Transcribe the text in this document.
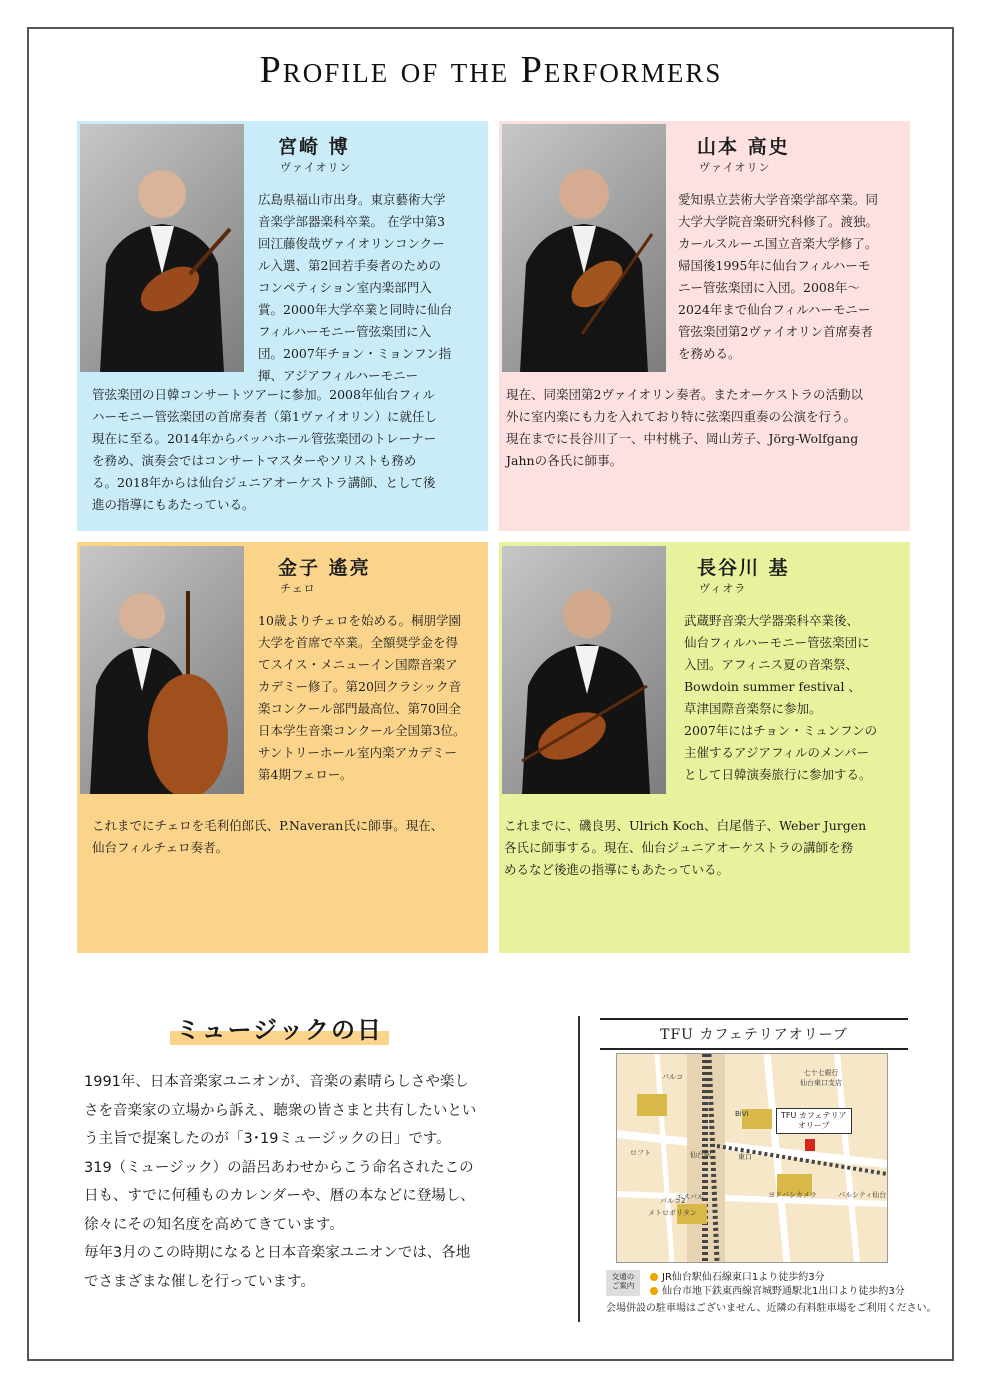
Profile of the Performers
宮崎 博
ヴァイオリン
広島県福山市出身。東京藝術大学
音楽学部器楽科卒業。 在学中第3
回江藤俊哉ヴァイオリンコンクー
ル入選、第2回若手奏者のための
コンペティション室内楽部門入
賞。2000年大学卒業と同時に仙台
フィルハーモニー管弦楽団に入
団。2007年チョン・ミョンフン指
揮、アジアフィルハーモニー
管弦楽団の日韓コンサートツアーに参加。2008年仙台フィル
ハーモニー管弦楽団の首席奏者（第1ヴァイオリン）に就任し
現在に至る。2014年からバッハホール管弦楽団のトレーナー
を務め、演奏会ではコンサートマスターやソリストも務め
る。2018年からは仙台ジュニアオーケストラ講師、として後
進の指導にもあたっている。
山本 高史
ヴァイオリン
愛知県立芸術大学音楽学部卒業。同
大学大学院音楽研究科修了。渡独。
カールスルーエ国立音楽大学修了。
帰国後1995年に仙台フィルハーモ
ニー管弦楽団に入団。2008年〜
2024年まで仙台フィルハーモニー
管弦楽団第2ヴァイオリン首席奏者
を務める。
現在、同楽団第2ヴァイオリン奏者。またオーケストラの活動以
外に室内楽にも力を入れており特に弦楽四重奏の公演を行う。
現在までに長谷川了一、中村桃子、岡山芳子、Jörg-Wolfgang
Jahnの各氏に師事。
金子 遙亮
チェロ
10歳よりチェロを始める。桐朋学園
大学を首席で卒業。全額奨学金を得
てスイス・メニューイン国際音楽ア
カデミー修了。第20回クラシック音
楽コンクール部門最高位、第70回全
日本学生音楽コンクール全国第3位。
サントリーホール室内楽アカデミー
第4期フェロー。
これまでにチェロを毛利伯郎氏、P.Naveran氏に師事。現在、
仙台フィルチェロ奏者。
長谷川 基
ヴィオラ
武蔵野音楽大学器楽科卒業後、
仙台フィルハーモニー管弦楽団に
入団。アフィニス夏の音楽祭、
Bowdoin summer festival 、
草津国際音楽祭に参加。
2007年にはチョン・ミュンフンの
主催するアジアフィルのメンバー
として日韓演奏旅行に参加する。
これまでに、磯良男、Ulrich Koch、白尾偕子、Weber Jurgen
各氏に師事する。現在、仙台ジュニアオーケストラの講師を務
めるなど後進の指導にもあたっている。
ミュージックの日
1991年、日本音楽家ユニオンが、音楽の素晴らしさや楽し
さを音楽家の立場から訴え、聴衆の皆さまと共有したいとい
う主旨で提案したのが「3･19ミュージックの日」です。
319（ミュージック）の語呂あわせからこう命名されたこの
日も、すでに何種ものカレンダーや、暦の本などに登場し、
徐々にその知名度を高めてきています。
毎年3月のこの時期になると日本音楽家ユニオンでは、各地
でさまざまな催しを行っています。
TFU カフェテリアオリーブ
七十七銀行
仙台東口支店
パルコ
BiVi
ロフト	仙台駅	東口
ヨドバシカメラ	パルシティ仙台
パルコ2
エスパル
メトロポリタン
TFU カフェテリア
オリーブ
交通の
ご案内
JR仙台駅仙石線東口1より徒歩約3分
仙台市地下鉄東西線宮城野通駅北1出口より徒歩約3分
会場併設の駐車場はございません、近隣の有料駐車場をご利用ください。
